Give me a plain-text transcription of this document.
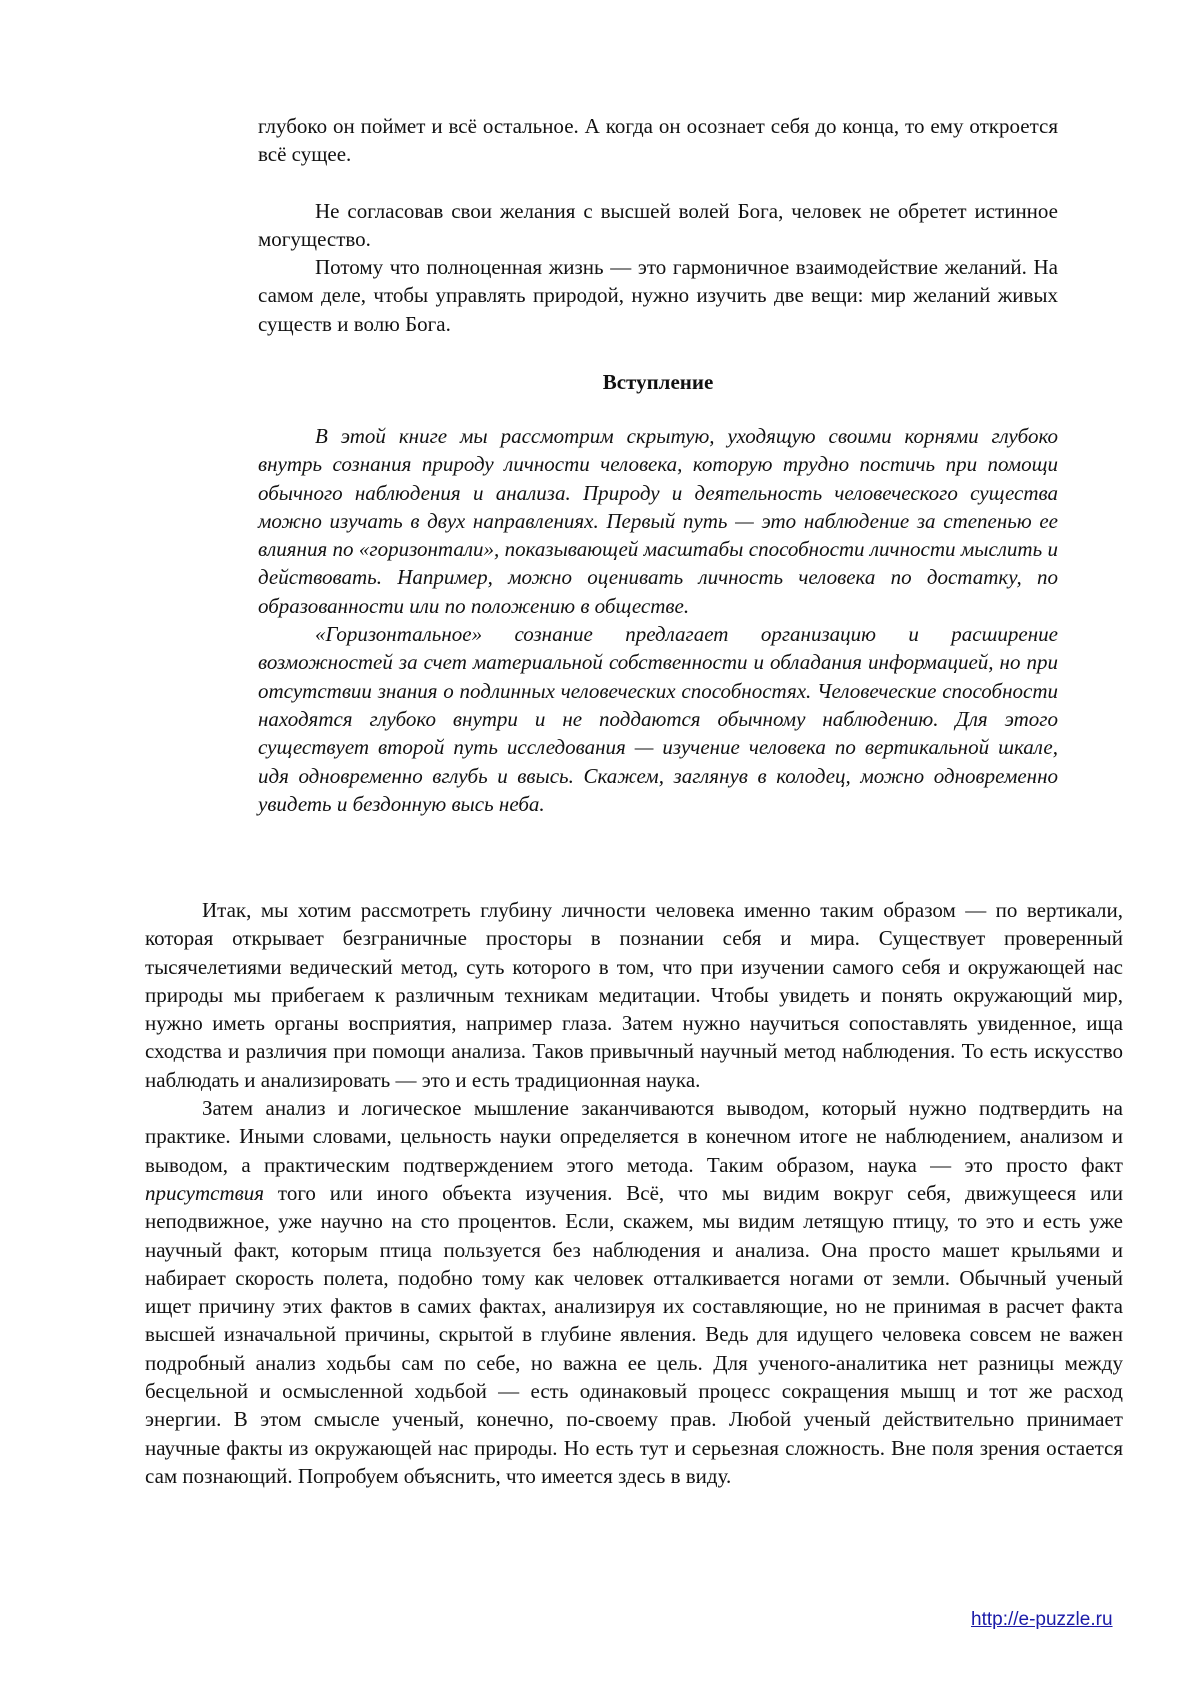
глубоко он поймет и всё остальное. А когда он осознает себя до конца, то ему откроется всё сущее.

Не согласовав свои желания с высшей волей Бога, человек не обретет истинное могущество.

Потому что полноценная жизнь — это гармоничное взаимодействие желаний. На самом деле, чтобы управлять природой, нужно изучить две вещи: мир желаний живых существ и волю Бога.

Вступление

В этой книге мы рассмотрим скрытую, уходящую своими корнями глубоко внутрь сознания природу личности человека, которую трудно постичь при помощи обычного наблюдения и анализа. Природу и деятельность человеческого существа можно изучать в двух направлениях. Первый путь — это наблюдение за степенью ее влияния по «горизонтали», показывающей масштабы способности личности мыслить и действовать. Например, можно оценивать личность человека по достатку, по образованности или по положению в обществе.

«Горизонтальное» сознание предлагает организацию и расширение возможностей за счет материальной собственности и обладания информацией, но при отсутствии знания о подлинных человеческих способностях. Человеческие способности находятся глубоко внутри и не поддаются обычному наблюдению. Для этого существует второй путь исследования — изучение человека по вертикальной шкале, идя одновременно вглубь и ввысь. Скажем, заглянув в колодец, можно одновременно увидеть и бездонную высь неба.

Итак, мы хотим рассмотреть глубину личности человека именно таким образом — по вертикали, которая открывает безграничные просторы в познании себя и мира. Существует проверенный тысячелетиями ведический метод, суть которого в том, что при изучении самого себя и окружающей нас природы мы прибегаем к различным техникам медитации. Чтобы увидеть и понять окружающий мир, нужно иметь органы восприятия, например глаза. Затем нужно научиться сопоставлять увиденное, ища сходства и различия при помощи анализа. Таков привычный научный метод наблюдения. То есть искусство наблюдать и анализировать — это и есть традиционная наука.

Затем анализ и логическое мышление заканчиваются выводом, который нужно подтвердить на практике. Иными словами, цельность науки определяется в конечном итоге не наблюдением, анализом и выводом, а практическим подтверждением этого метода. Таким образом, наука — это просто факт присутствия того или иного объекта изучения. Всё, что мы видим вокруг себя, движущееся или неподвижное, уже научно на сто процентов. Если, скажем, мы видим летящую птицу, то это и есть уже научный факт, которым птица пользуется без наблюдения и анализа. Она просто машет крыльями и набирает скорость полета, подобно тому как человек отталкивается ногами от земли. Обычный ученый ищет причину этих фактов в самих фактах, анализируя их составляющие, но не принимая в расчет факта высшей изначальной причины, скрытой в глубине явления. Ведь для идущего человека совсем не важен подробный анализ ходьбы сам по себе, но важна ее цель. Для ученого-аналитика нет разницы между бесцельной и осмысленной ходьбой — есть одинаковый процесс сокращения мышц и тот же расход энергии. В этом смысле ученый, конечно, по-своему прав. Любой ученый действительно принимает научные факты из окружающей нас природы. Но есть тут и серьезная сложность. Вне поля зрения остается сам познающий. Попробуем объяснить, что имеется здесь в виду.

http://e-puzzle.ru
